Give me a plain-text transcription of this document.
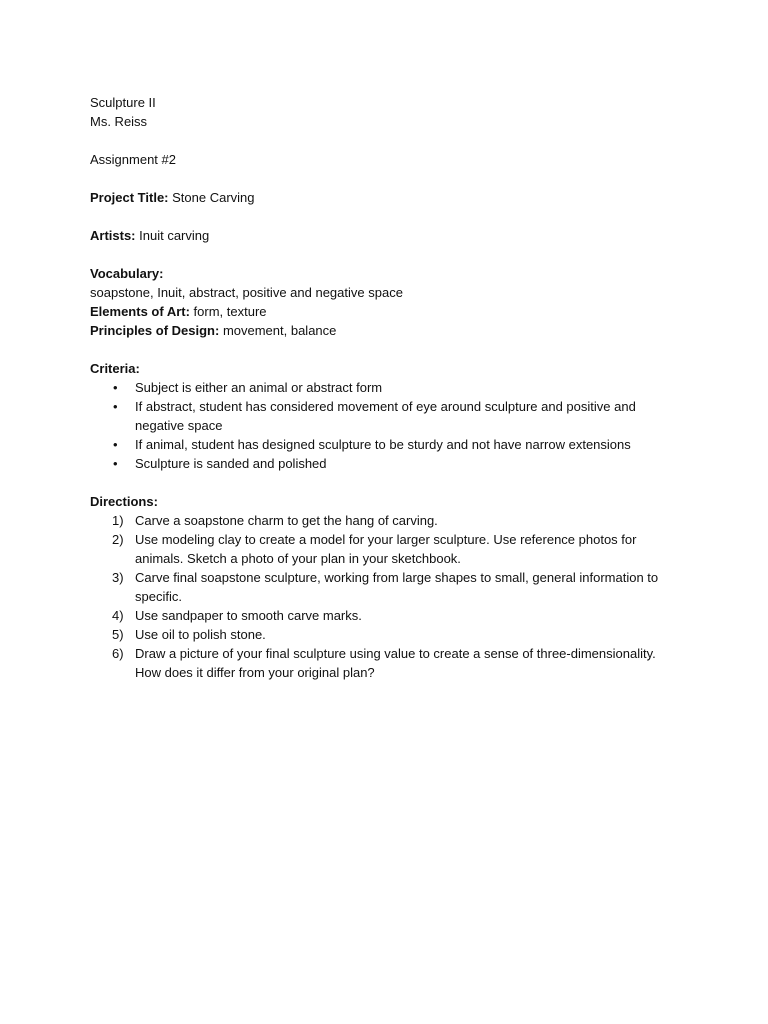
Sculpture II

Ms. Reiss

Assignment #2

Project Title: Stone Carving

Artists: Inuit carving

Vocabulary:

soapstone, Inuit, abstract, positive and negative space

Elements of Art: form, texture

Principles of Design: movement, balance

Criteria:

• Subject is either an animal or abstract form
• If abstract, student has considered movement of eye around sculpture and positive and negative space
• If animal, student has designed sculpture to be sturdy and not have narrow extensions
• Sculpture is sanded and polished

Directions:

1) Carve a soapstone charm to get the hang of carving.
2) Use modeling clay to create a model for your larger sculpture. Use reference photos for animals. Sketch a photo of your plan in your sketchbook.
3) Carve final soapstone sculpture, working from large shapes to small, general information to specific.
4) Use sandpaper to smooth carve marks.
5) Use oil to polish stone.
6) Draw a picture of your final sculpture using value to create a sense of three-dimensionality. How does it differ from your original plan?
